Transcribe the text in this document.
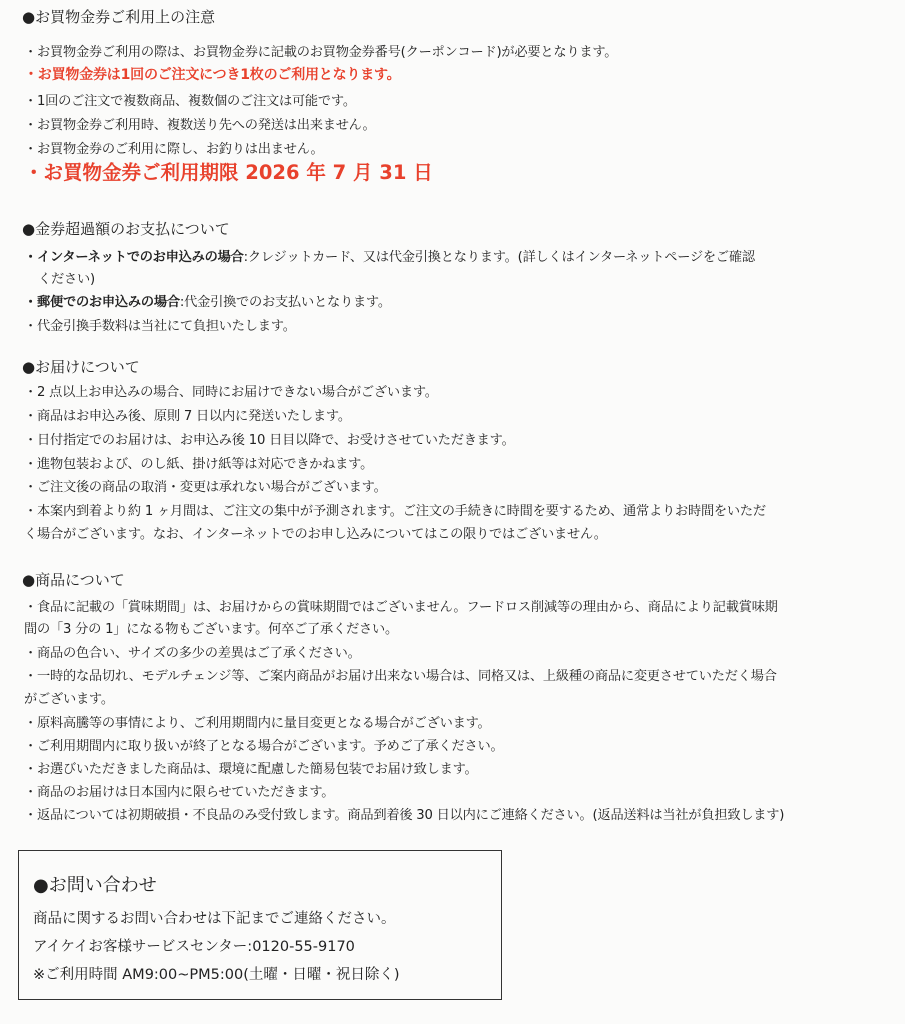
●お買物金券ご利用上の注意
・お買物金券ご利用の際は、お買物金券に記載のお買物金券番号(クーポンコード)が必要となります。
・お買物金券は1回のご注文につき1枚のご利用となります。
・1回のご注文で複数商品、複数個のご注文は可能です。
・お買物金券ご利用時、複数送り先への発送は出来ません。
・お買物金券のご利用に際し、お釣りは出ません。
・お買物金券ご利用期限 2026 年 7 月 31 日
●金券超過額のお支払について
・インターネットでのお申込みの場合:クレジットカード、又は代金引換となります。(詳しくはインターネットページをご確認
ください)
・郵便でのお申込みの場合:代金引換でのお支払いとなります。
・代金引換手数料は当社にて負担いたします。
●お届けについて
・2 点以上お申込みの場合、同時にお届けできない場合がございます。
・商品はお申込み後、原則 7 日以内に発送いたします。
・日付指定でのお届けは、お申込み後 10 日目以降で、お受けさせていただきます。
・進物包装および、のし紙、掛け紙等は対応できかねます。
・ご注文後の商品の取消・変更は承れない場合がございます。
・本案内到着より約 1 ヶ月間は、ご注文の集中が予測されます。ご注文の手続きに時間を要するため、通常よりお時間をいただ
く場合がございます。なお、インターネットでのお申し込みについてはこの限りではございません。
●商品について
・食品に記載の「賞味期間」は、お届けからの賞味期間ではございません。フードロス削減等の理由から、商品により記載賞味期
間の「3 分の 1」になる物もございます。何卒ご了承ください。
・商品の色合い、サイズの多少の差異はご了承ください。
・一時的な品切れ、モデルチェンジ等、ご案内商品がお届け出来ない場合は、同格又は、上級種の商品に変更させていただく場合
がございます。
・原料高騰等の事情により、ご利用期間内に量目変更となる場合がございます。
・ご利用期間内に取り扱いが終了となる場合がございます。予めご了承ください。
・お選びいただきました商品は、環境に配慮した簡易包装でお届け致します。
・商品のお届けは日本国内に限らせていただきます。
・返品については初期破損・不良品のみ受付致します。商品到着後 30 日以内にご連絡ください。(返品送料は当社が負担致します)
●お問い合わせ
商品に関するお問い合わせは下記までご連絡ください。
アイケイお客様サービスセンター:0120-55-9170
※ご利用時間 AM9:00~PM5:00(土曜・日曜・祝日除く)
